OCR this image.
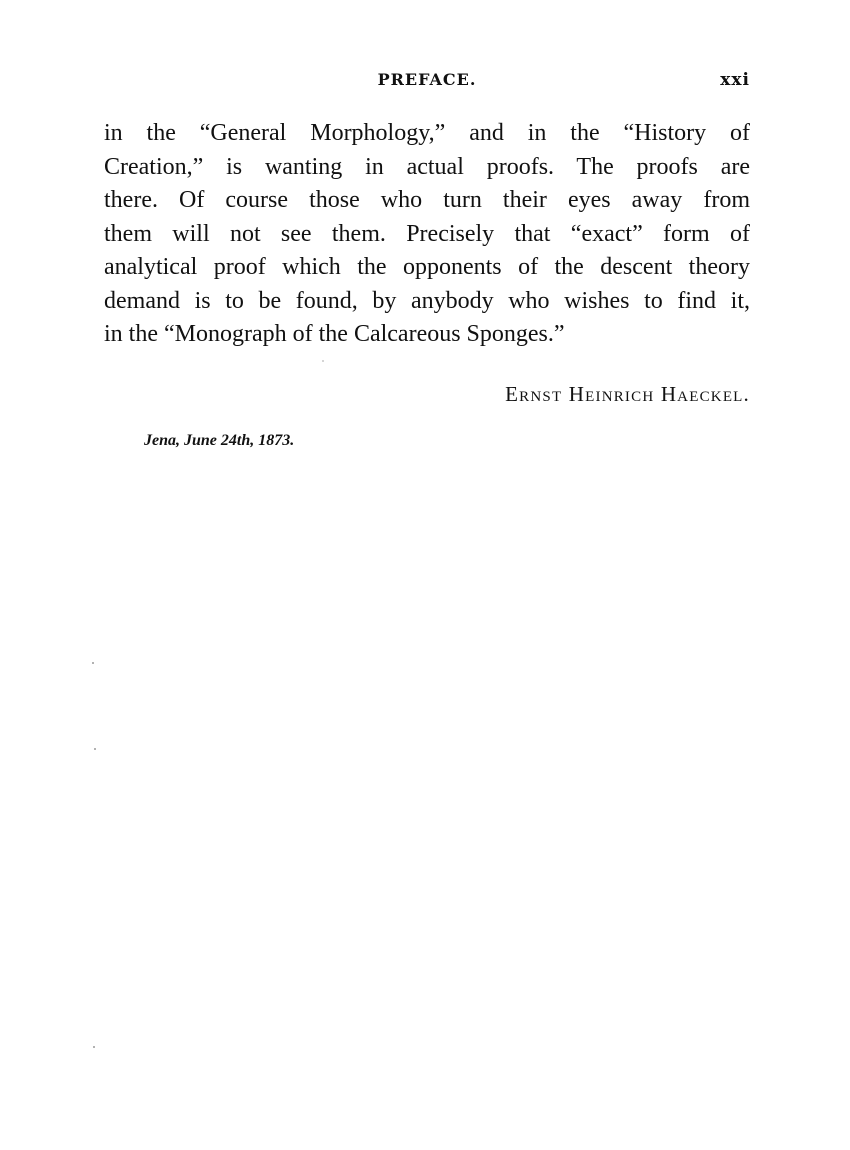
PREFACE.	xxi
in the “General Morphology,” and in the “History of
Creation,” is wanting in actual proofs. The proofs are
there. Of course those who turn their eyes away from
them will not see them. Precisely that “exact” form of
analytical proof which the opponents of the descent theory
demand is to be found, by anybody who wishes to find it,
in the “Monograph of the Calcareous Sponges.”
Ernst Heinrich Haeckel.
Jena, June 24th, 1873.
